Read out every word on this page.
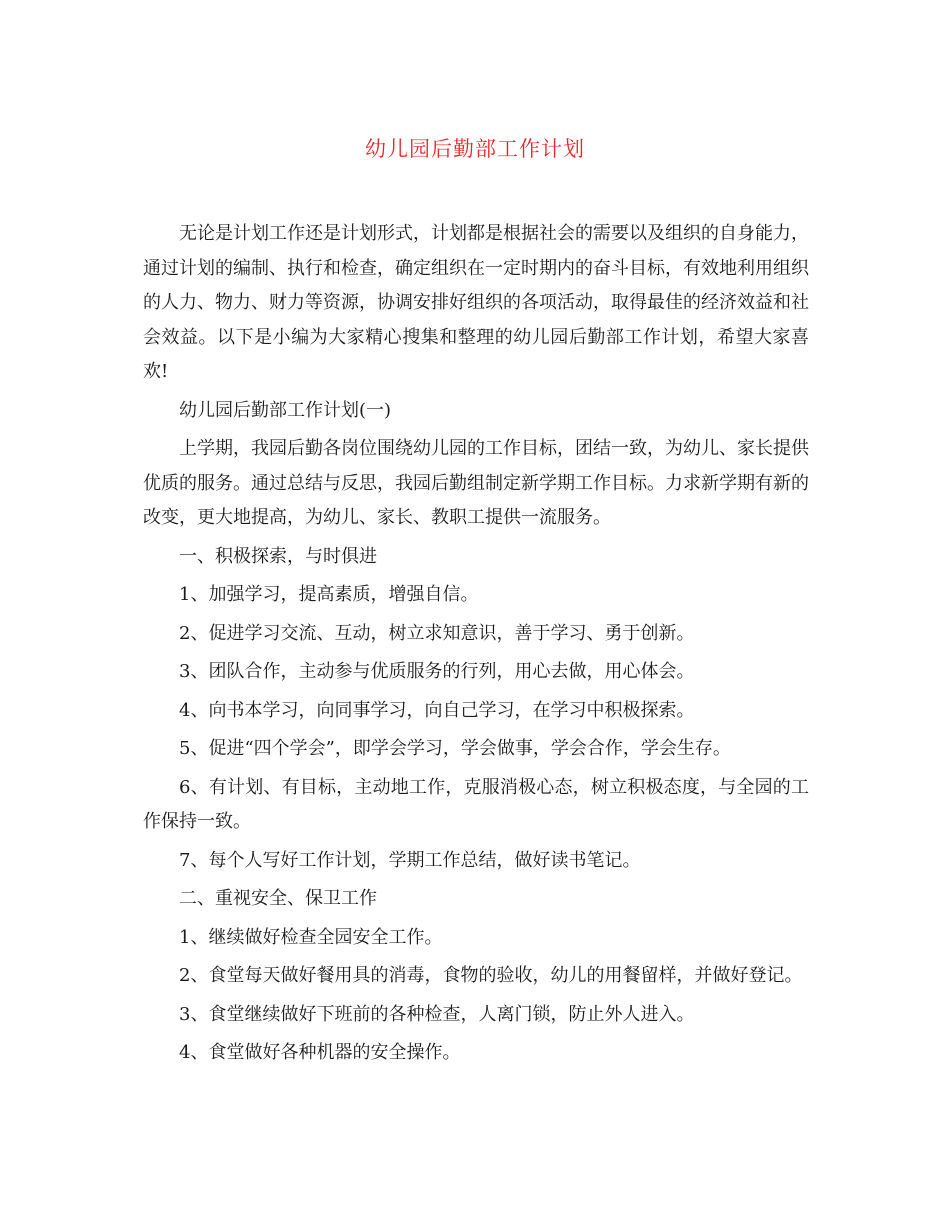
幼儿园后勤部工作计划

无论是计划工作还是计划形式，计划都是根据社会的需要以及组织的自身能力，通过计划的编制、执行和检查，确定组织在一定时期内的奋斗目标，有效地利用组织的人力、物力、财力等资源，协调安排好组织的各项活动，取得最佳的经济效益和社会效益。以下是小编为大家精心搜集和整理的幼儿园后勤部工作计划，希望大家喜欢!

幼儿园后勤部工作计划(一)

上学期，我园后勤各岗位围绕幼儿园的工作目标，团结一致，为幼儿、家长提供优质的服务。通过总结与反思，我园后勤组制定新学期工作目标。力求新学期有新的改变，更大地提高，为幼儿、家长、教职工提供一流服务。

一、积极探索，与时俱进

1、加强学习，提高素质，增强自信。

2、促进学习交流、互动，树立求知意识，善于学习、勇于创新。

3、团队合作，主动参与优质服务的行列，用心去做，用心体会。

4、向书本学习，向同事学习，向自己学习，在学习中积极探索。

5、促进“四个学会”，即学会学习，学会做事，学会合作，学会生存。

6、有计划、有目标，主动地工作，克服消极心态，树立积极态度，与全园的工作保持一致。

7、每个人写好工作计划，学期工作总结，做好读书笔记。

二、重视安全、保卫工作

1、继续做好检查全园安全工作。

2、食堂每天做好餐用具的消毒，食物的验收，幼儿的用餐留样，并做好登记。

3、食堂继续做好下班前的各种检查，人离门锁，防止外人进入。

4、食堂做好各种机器的安全操作。
